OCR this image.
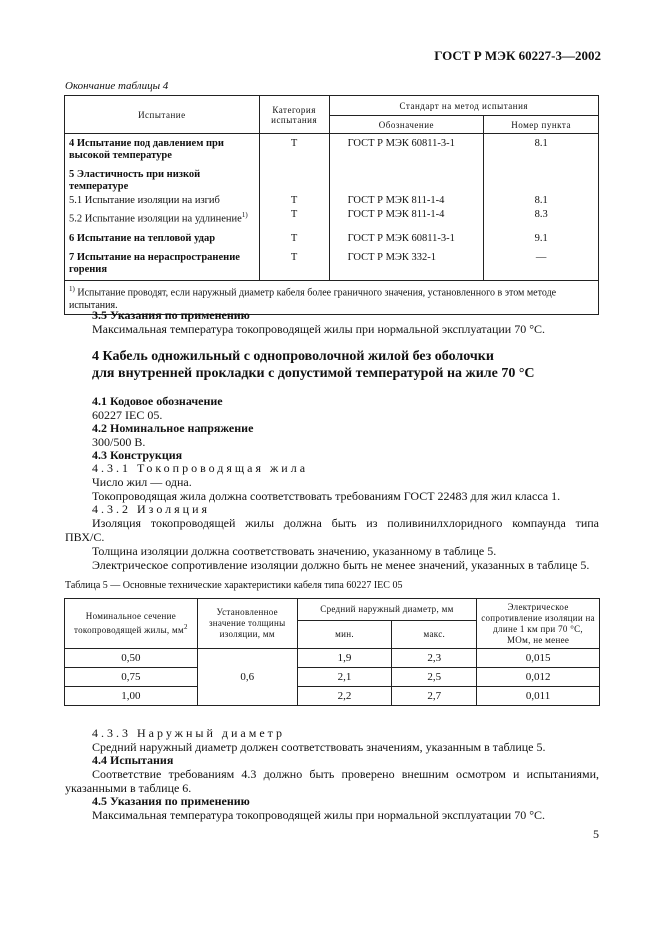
ГОСТ Р МЭК 60227-3—2002
Окончание таблицы 4
Испытание	Категория испытания	Стандарт на метод испытания	
		Обозначение	Номер пункта
4 Испытание под давлением при высокой температуре	Т	ГОСТ Р МЭК 60811-3-1	8.1
5 Эластичность при низкой температуре			
5.1 Испытание изоляции на изгиб	Т	ГОСТ Р МЭК 811-1-4	8.1
5.2 Испытание изоляции на удлинение$^{1)}$	Т	ГОСТ Р МЭК 811-1-4	8.3
6 Испытание на тепловой удар	Т	ГОСТ Р МЭК 60811-3-1	9.1
7 Испытание на нераспространение горения	Т	ГОСТ Р МЭК 332-1	—
$^{1)}$ Испытание проводят, если наружный диаметр кабеля более граничного значения, установленного в этом методе испытания.			
3.5 Указания по применению
Максимальная температура токопроводящей жилы при нормальной эксплуатации 70 °С.
4 Кабель одножильный с однопроволочной жилой без оболочки
для внутренней прокладки с допустимой температурой на жиле 70 °С
4.1 Кодовое обозначение
60227 IEC 05.
4.2 Номинальное напряжение
300/500 В.
4.3 Конструкция
4.3.1 Токопроводящая жила
Число жил — одна.
Токопроводящая жила должна соответствовать требованиям ГОСТ 22483 для жил класса 1.
4.3.2 Изоляция
Изоляция токопроводящей жилы должна быть из поливинилхлоридного компаунда типа
ПВХ/С.
Толщина изоляции должна соответствовать значению, указанному в таблице 5.
Электрическое сопротивление изоляции должно быть не менее значений, указанных в таблице 5.
Таблица 5 — Основные технические характеристики кабеля типа 60227 IEC 05
Номинальное сечение токопроводящей жилы, $мм^2$	Установленное значение толщины изоляции, мм	Средний наружный диаметр, мм		Электрическое сопротивление изоляции на длине 1 км при 70 °С, МОм, не менее
		мин.	макс.	
0,50	0,6	1,9	2,3	0,015
0,75		2,1	2,5	0,012
1,00		2,2	2,7	0,011
4.3.3 Наружный диаметр
Средний наружный диаметр должен соответствовать значениям, указанным в таблице 5.
4.4 Испытания
Соответствие требованиям 4.3 должно быть проверено внешним осмотром и испытаниями,
указанными в таблице 6.
4.5 Указания по применению
Максимальная температура токопроводящей жилы при нормальной эксплуатации 70 °С.
5
